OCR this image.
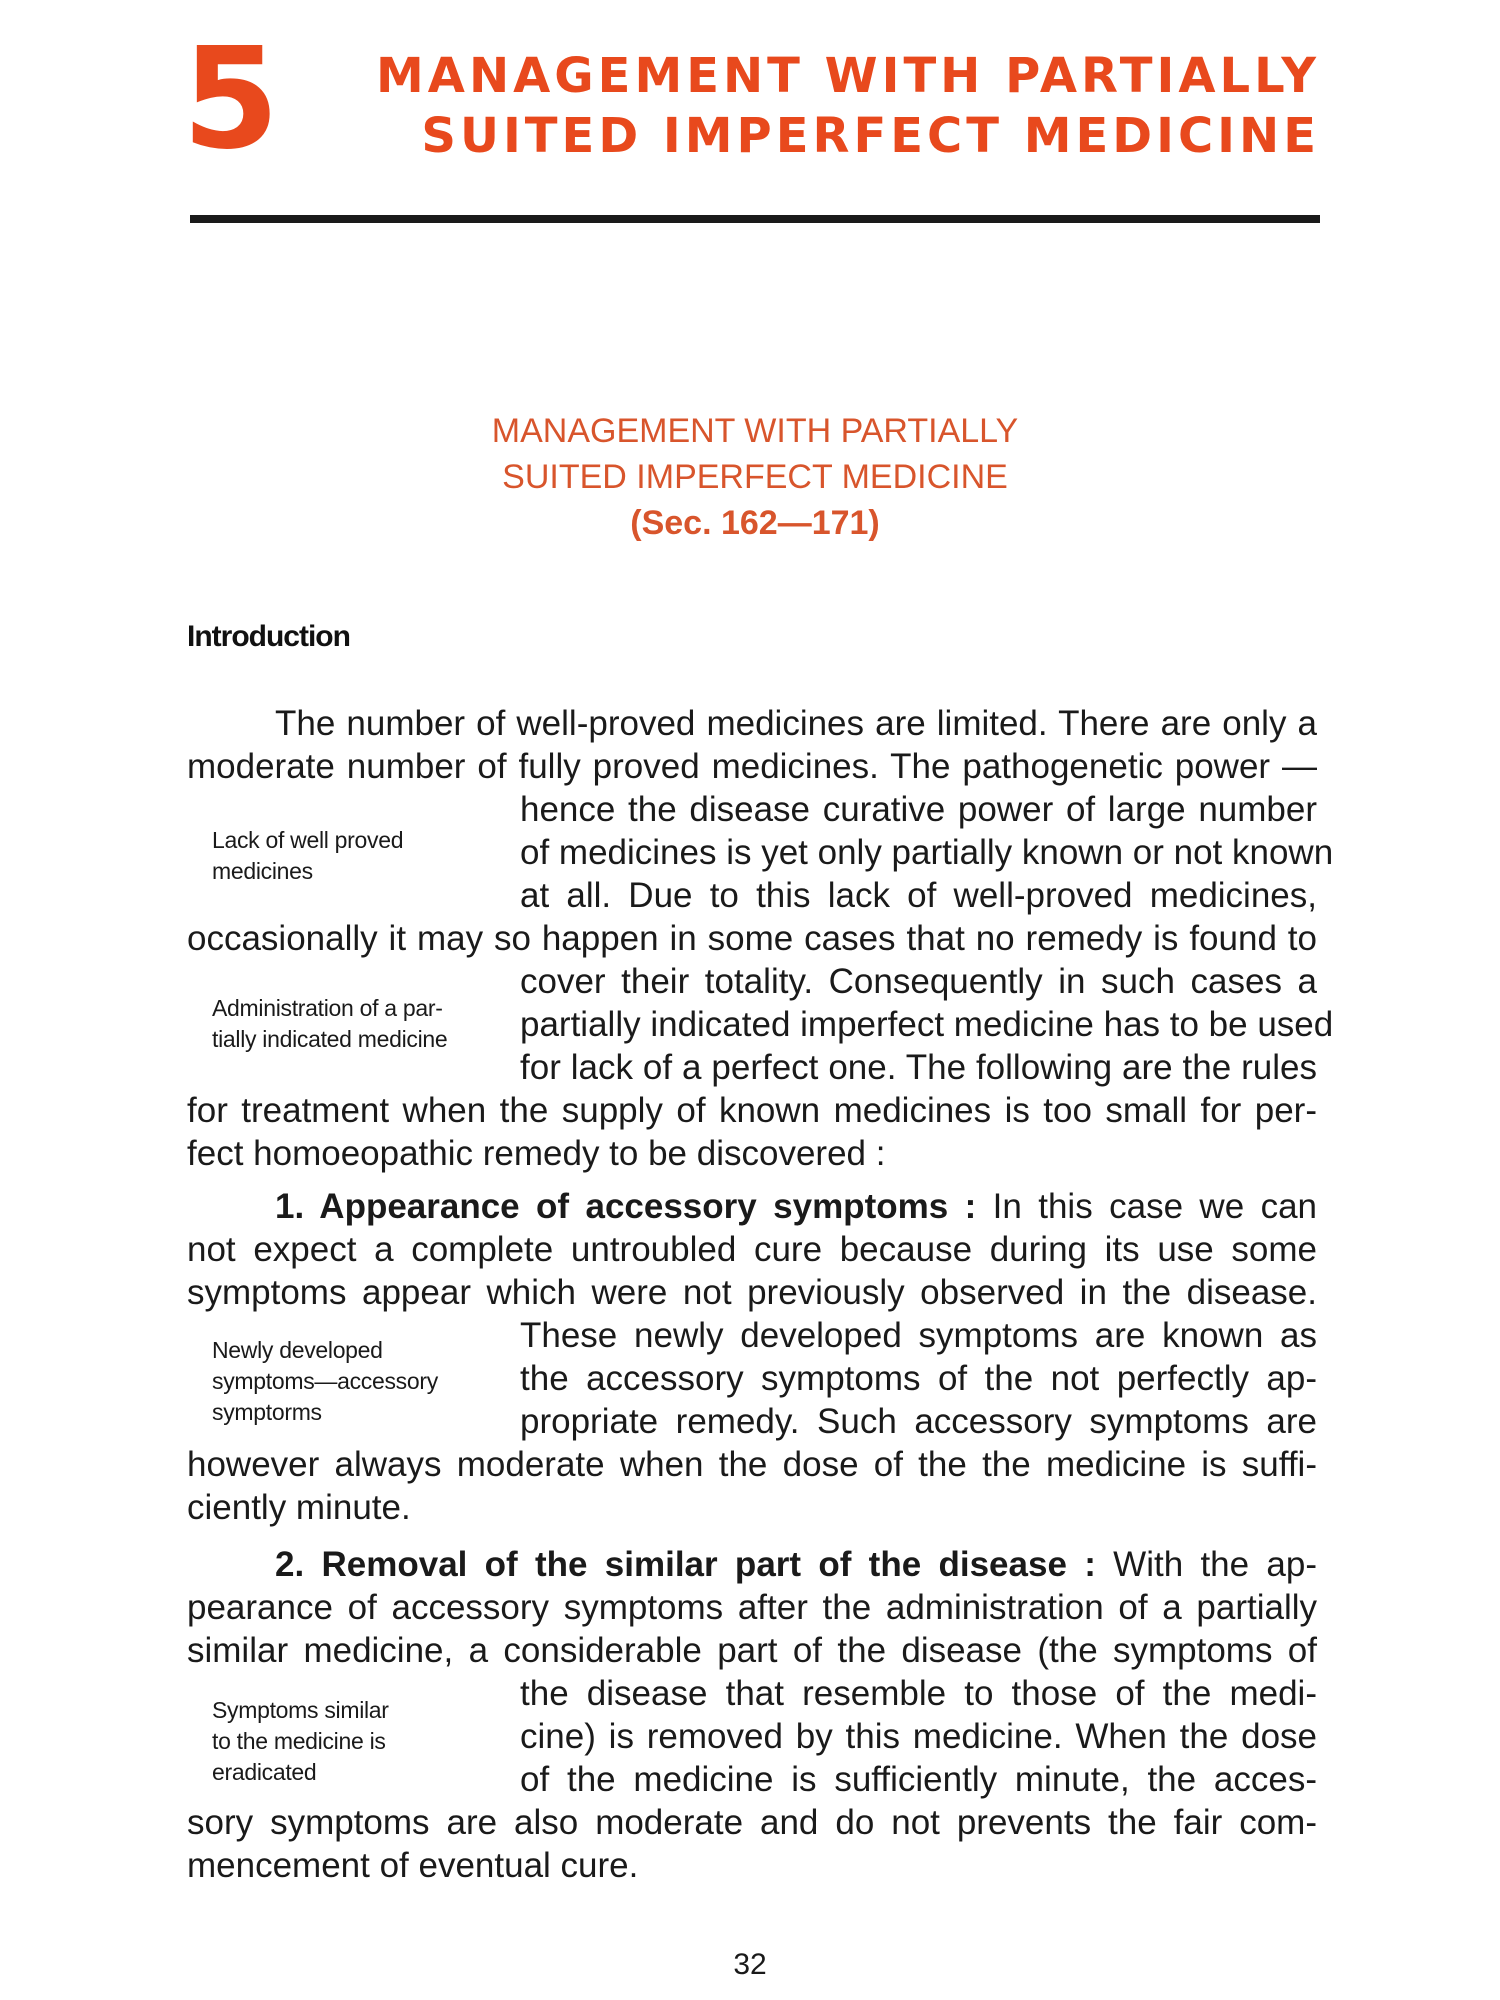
5 MANAGEMENT WITH PARTIALLY
SUITED IMPERFECT MEDICINE
MANAGEMENT WITH PARTIALLY
SUITED IMPERFECT MEDICINE
(Sec. 162—171)
Introduction
The number of well-proved medicines are limited. There are only a
moderate number of fully proved medicines. The pathogenetic power —
hence the disease curative power of large number
of medicines is yet only partially known or not known
at all. Due to this lack of well-proved medicines,
occasionally it may so happen in some cases that no remedy is found to
cover their totality. Consequently in such cases a
partially indicated imperfect medicine has to be used
for lack of a perfect one. The following are the rules
for treatment when the supply of known medicines is too small for per-
fect homoeopathic remedy to be discovered :
Lack of well proved
medicines
Administration of a par-
tially indicated medicine
Newly developed
symptoms—accessory
symptorms
Symptoms similar
to the medicine is
eradicated
1. Appearance of accessory symptoms : In this case we can
not expect a complete untroubled cure because during its use some
symptoms appear which were not previously observed in the disease.
These newly developed symptoms are known as
the accessory symptoms of the not perfectly ap-
propriate remedy. Such accessory symptoms are
however always moderate when the dose of the the medicine is suffi-
ciently minute.
2. Removal of the similar part of the disease : With the ap-
pearance of accessory symptoms after the administration of a partially
similar medicine, a considerable part of the disease (the symptoms of
the disease that resemble to those of the medi-
cine) is removed by this medicine. When the dose
of the medicine is sufficiently minute, the acces-
sory symptoms are also moderate and do not prevents the fair com-
mencement of eventual cure.
32
